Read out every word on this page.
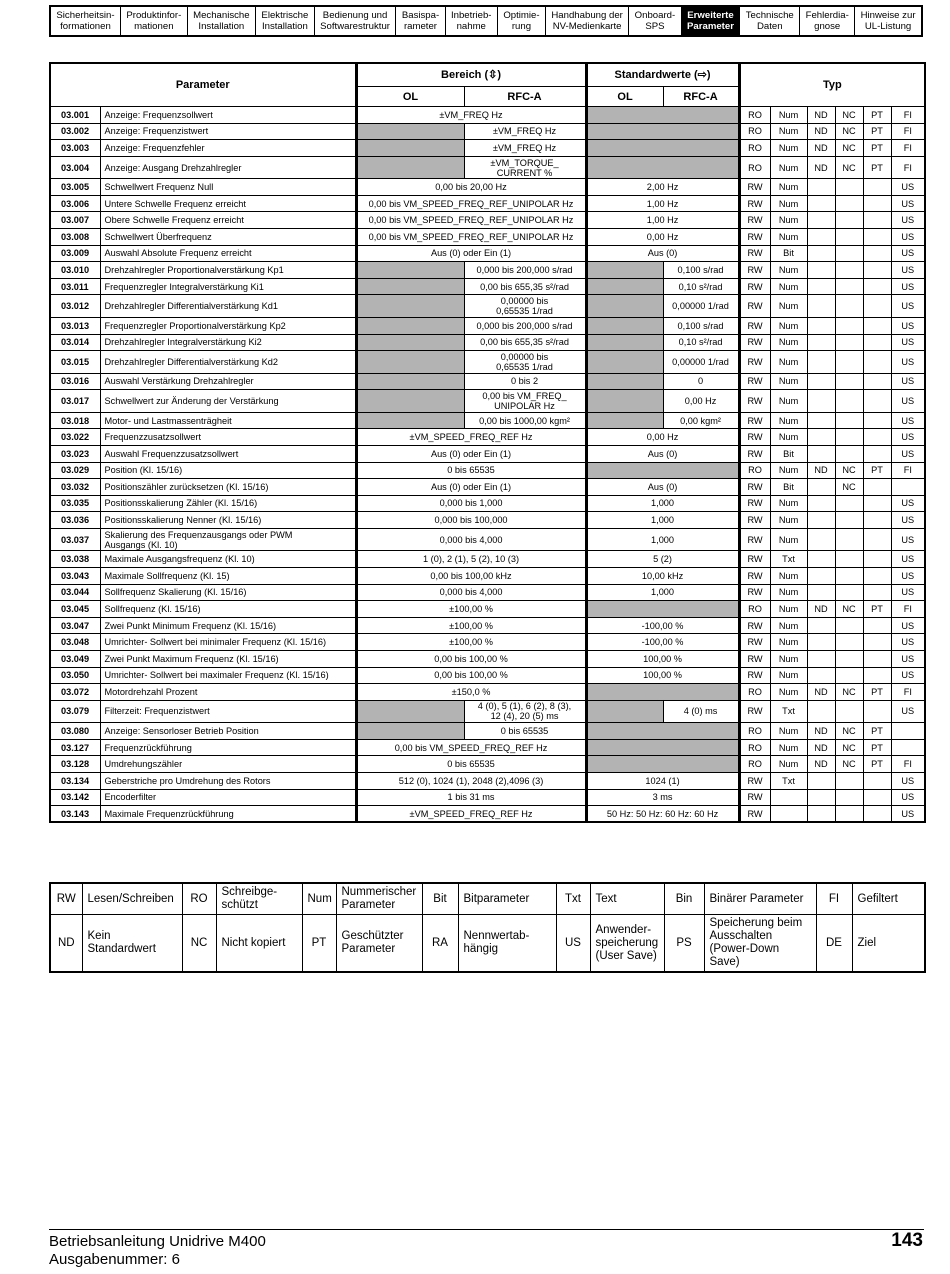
Sicherheitsin-
formationen
Produktinfor-
mationen
Mechanische
Installation
Elektrische
Installation
Bedienung und
Softwarestruktur
Basispa-
rameter
Inbetrieb-
nahme
Optimie-
rung
Handhabung der
NV-Medienkarte
Onboard-
SPS
Erweiterte
Parameter
Technische
Daten
Fehlerdia-
gnose
Hinweise zur
UL-Listung
Parameter		Bereich (⇳)		Standardwerte (⇨)		Typ					
		OL	RFC-A	OL	RFC-A						
03.001	Anzeige: Frequenzsollwert	±VM_FREQ Hz				RO	Num	ND	NC	PT	FI
03.002	Anzeige: Frequenzistwert		±VM_FREQ Hz			RO	Num	ND	NC	PT	FI
03.003	Anzeige: Frequenzfehler		±VM_FREQ Hz			RO	Num	ND	NC	PT	FI
03.004	Anzeige: Ausgang Drehzahlregler		±VM_TORQUE_
CURRENT %			RO	Num	ND	NC	PT	FI
03.005	Schwellwert Frequenz Null	0,00 bis 20,00 Hz		2,00 Hz		RW	Num				US
03.006	Untere Schwelle Frequenz erreicht	0,00 bis VM_SPEED_FREQ_REF_UNIPOLAR Hz		1,00 Hz		RW	Num				US
03.007	Obere Schwelle Frequenz erreicht	0,00 bis VM_SPEED_FREQ_REF_UNIPOLAR Hz		1,00 Hz		RW	Num				US
03.008	Schwellwert Überfrequenz	0,00 bis VM_SPEED_FREQ_REF_UNIPOLAR Hz		0,00 Hz		RW	Num				US
03.009	Auswahl Absolute Frequenz erreicht	Aus (0) oder Ein (1)		Aus (0)		RW	Bit				US
03.010	Drehzahlregler Proportionalverstärkung Kp1		0,000 bis 200,000 s/rad		0,100 s/rad	RW	Num				US
03.011	Frequenzregler Integralverstärkung Ki1		0,00 bis 655,35 s²/rad		0,10 s²/rad	RW	Num				US
03.012	Drehzahlregler Differentialverstärkung Kd1		0,00000 bis
0,65535 1/rad		0,00000 1/rad	RW	Num				US
03.013	Frequenzregler Proportionalverstärkung Kp2		0,000 bis 200,000 s/rad		0,100 s/rad	RW	Num				US
03.014	Drehzahlregler Integralverstärkung Ki2		0,00 bis 655,35 s²/rad		0,10 s²/rad	RW	Num				US
03.015	Drehzahlregler Differentialverstärkung Kd2		0,00000 bis
0,65535 1/rad		0,00000 1/rad	RW	Num				US
03.016	Auswahl Verstärkung Drehzahlregler		0 bis 2		0	RW	Num				US
03.017	Schwellwert zur Änderung der Verstärkung		0,00 bis VM_FREQ_
UNIPOLAR Hz		0,00 Hz	RW	Num				US
03.018	Motor- und Lastmassenträgheit		0,00 bis 1000,00 kgm²		0,00 kgm²	RW	Num				US
03.022	Frequenzzusatzsollwert	±VM_SPEED_FREQ_REF Hz		0,00 Hz		RW	Num				US
03.023	Auswahl Frequenzzusatzsollwert	Aus (0) oder Ein (1)		Aus (0)		RW	Bit				US
03.029	Position (Kl. 15/16)	0 bis 65535				RO	Num	ND	NC	PT	FI
03.032	Positionszähler zurücksetzen (Kl. 15/16)	Aus (0) oder Ein (1)		Aus (0)		RW	Bit		NC		
03.035	Positionsskalierung Zähler (Kl. 15/16)	0,000 bis 1,000		1,000		RW	Num				US
03.036	Positionsskalierung Nenner (Kl. 15/16)	0,000 bis 100,000		1,000		RW	Num				US
03.037	Skalierung des Frequenzausgangs oder PWM
Ausgangs (Kl. 10)	0,000 bis 4,000		1,000		RW	Num				US
03.038	Maximale Ausgangsfrequenz (Kl. 10)	1 (0), 2 (1), 5 (2), 10 (3)		5 (2)		RW	Txt				US
03.043	Maximale Sollfrequenz (Kl. 15)	0,00 bis 100,00 kHz		10,00 kHz		RW	Num				US
03.044	Sollfrequenz Skalierung (Kl. 15/16)	0,000 bis 4,000		1,000		RW	Num				US
03.045	Sollfrequenz (Kl. 15/16)	±100,00 %				RO	Num	ND	NC	PT	FI
03.047	Zwei Punkt Minimum Frequenz (Kl. 15/16)	±100,00 %		-100,00 %		RW	Num				US
03.048	Umrichter- Sollwert bei minimaler Frequenz (Kl. 15/16)	±100,00 %		-100,00 %		RW	Num				US
03.049	Zwei Punkt Maximum Frequenz (Kl. 15/16)	0,00 bis 100,00 %		100,00 %		RW	Num				US
03.050	Umrichter- Sollwert bei maximaler Frequenz (Kl. 15/16)	0,00 bis 100,00 %		100,00 %		RW	Num				US
03.072	Motordrehzahl Prozent	±150,0 %				RO	Num	ND	NC	PT	FI
03.079	Filterzeit: Frequenzistwert		4 (0), 5 (1), 6 (2), 8 (3),
12 (4), 20 (5) ms		4 (0) ms	RW	Txt				US
03.080	Anzeige: Sensorloser Betrieb Position		0 bis 65535			RO	Num	ND	NC	PT	
03.127	Frequenzrückführung	0,00 bis VM_SPEED_FREQ_REF Hz				RO	Num	ND	NC	PT	
03.128	Umdrehungszähler	0 bis 65535				RO	Num	ND	NC	PT	FI
03.134	Geberstriche pro Umdrehung des Rotors	512 (0), 1024 (1), 2048 (2),4096 (3)		1024 (1)		RW	Txt				US
03.142	Encoderfilter	1 bis 31 ms		3 ms		RW					US
03.143	Maximale Frequenzrückführung	±VM_SPEED_FREQ_REF Hz		50 Hz: 50 Hz: 60 Hz: 60 Hz		RW					US
RW	Lesen/Schreiben	RO	Schreibge-
schützt	Num	Nummerischer
Parameter	Bit	Bitparameter	Txt	Text	Bin	Binärer Parameter	FI	Gefiltert
ND	Kein
Standardwert	NC	Nicht kopiert	PT	Geschützter
Parameter	RA	Nennwertab-
hängig	US	Anwender-
speicherung
(User Save)	PS	Speicherung beim
Ausschalten
(Power-Down Save)	DE	Ziel
Betriebsanleitung Unidrive M400
Ausgabenummer: 6
143
